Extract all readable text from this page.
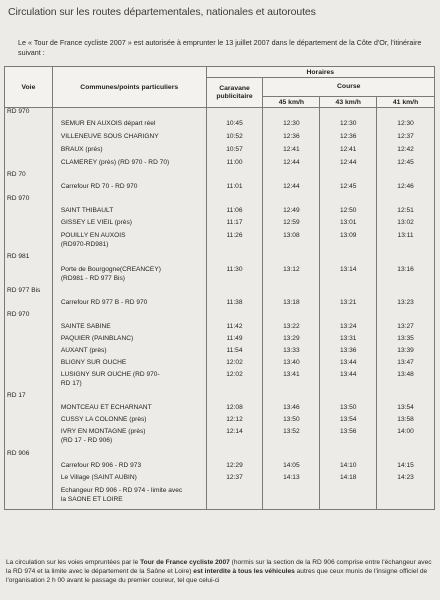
Circulation sur les routes départementales, nationales et autoroutes
Le « Tour de France cycliste 2007 » est autorisée à emprunter le 13 juillet 2007 dans le département de la Côte d'Or, l'itinéraire suivant :
Voie	Communes/points particuliers	Horaires			
		Caravane publicitaire	Course		
			45 km/h	43 km/h	41 km/h
RD 970					
	SEMUR EN AUXOIS départ réel	10:45	12:30	12:30	12:30
	VILLENEUVE SOUS CHARIGNY	10:52	12:36	12:36	12:37
	BRAUX (près)	10:57	12:41	12:41	12:42
	CLAMEREY (près) (RD 970 - RD 70)	11:00	12:44	12:44	12:45
RD 70					
	Carrefour RD 70 - RD 970	11:01	12:44	12:45	12:46
RD 970					
	SAINT THIBAULT	11:06	12:49	12:50	12:51
	GISSEY LE VIEIL (près)	11:17	12:59	13:01	13:02
	POUILLY EN AUXOIS
(RD970-RD981)	11:26	13:08	13:09	13:11
RD 981					
	Porte de Bourgogne(CREANCEY)
(RD981 - RD 977 Bis)	11:30	13:12	13:14	13:16
RD 977 Bis					
	Carrefour RD 977 B - RD 970	11:38	13:18	13:21	13:23
RD 970					
	SAINTE SABINE	11:42	13:22	13:24	13:27
	PAQUIER (PAINBLANC)	11:49	13:29	13:31	13:35
	AUXANT (près)	11:54	13:33	13:36	13:39
	BLIGNY SUR OUCHE	12:02	13:40	13:44	13:47
	LUSIGNY SUR OUCHE (RD 970-
RD 17)	12:02	13:41	13:44	13:48
RD 17					
	MONTCEAU ET ECHARNANT	12:08	13:46	13:50	13:54
	CUSSY LA COLONNE (près)	12:12	13:50	13:54	13:58
	IVRY EN MONTAGNE (près)
(RD 17 - RD 906)	12:14	13:52	13:56	14:00
RD 906					
	Carrefour RD 906 - RD 973	12:29	14:05	14:10	14:15
	Le Village (SAINT AUBIN)	12:37	14:13	14:18	14:23
	Echangeur RD 906 - RD 974 - limite avec
la SAONE ET LOIRE				
La circulation sur les voies empruntées par le Tour de France cycliste 2007 (hormis sur la section de la RD 906 comprise entre l'échangeur avec la RD 974 et la limite avec le département de la Saône et Loire) est interdite à tous les véhicules autres que ceux munis de l'insigne officiel de l'organisation 2 h 00 avant le passage du premier coureur, tel que celui-ci
